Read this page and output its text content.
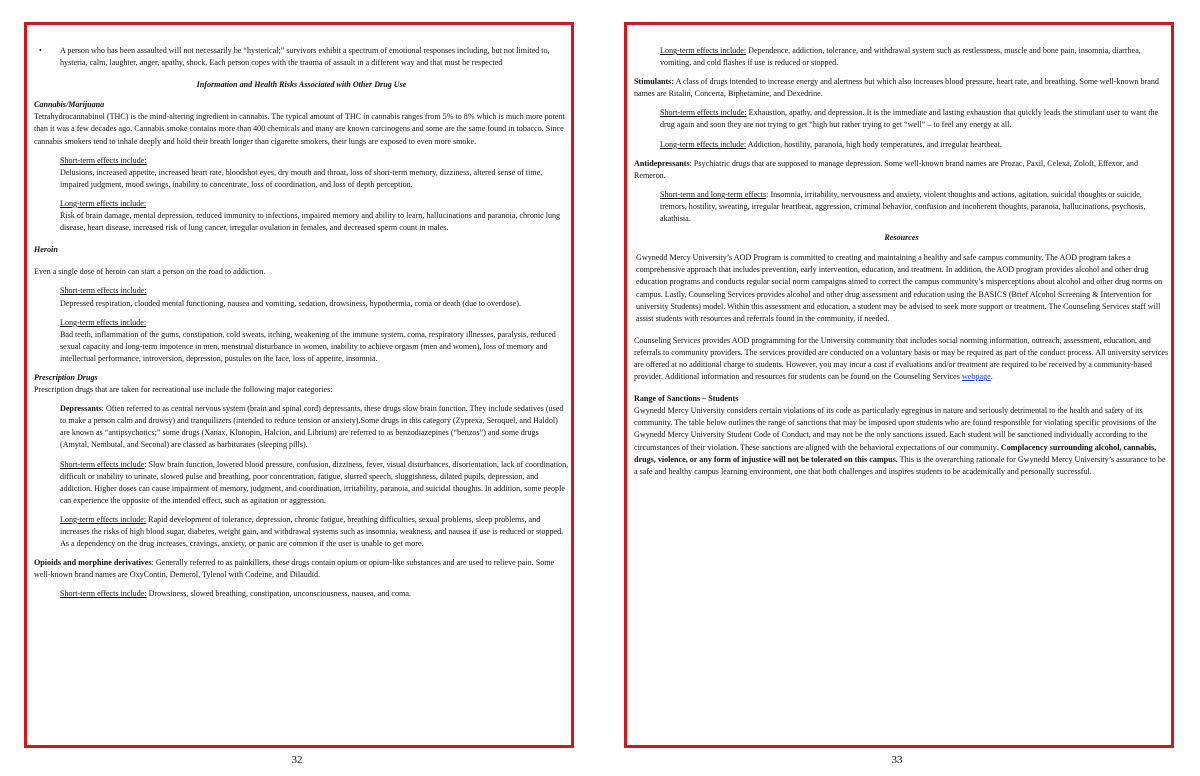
• A person who has been assaulted will not necessarily be “hysterical;” survivors exhibit a spectrum of emotional responses including, but not limited to, hysteria, calm, laughter, anger, apathy, shock. Each person copes with the trauma of assault in a different way and that must be respected
Information and Health Risks Associated with Other Drug Use
Cannabis/Marijuana

Tetrahydrocannabinol (THC) is the mind-altering ingredient in cannabis. The typical amount of THC in cannabis ranges from 5% to 8% which is much more potent than it was a few decades ago. Cannabis smoke contains more than 400 chemicals and many are known carcinogens and some are the same found in tobacco. Since cannabis smokers tend to inhale deeply and hold their breath longer than cigarette smokers, their lungs are exposed to even more smoke.

Short-term effects include:
Delusions, increased appetite, increased heart rate, bloodshot eyes, dry mouth and throat, loss of short-term memory, dizziness, altered sense of time, impaired judgment, mood swings, inability to concentrate, loss of coordination, and loss of depth perception.
Long-term effects include:
Risk of brain damage, mental depression, reduced immunity to infections, impaired memory and ability to learn, hallucinations and paranoia, chronic lung disease, heart disease, increased risk of lung cancer, irregular ovulation in females, and decreased sperm count in males.
Heroin

Even a single dose of heroin can start a person on the road to addiction.

Short-term effects include:
Depressed respiration, clouded mental functioning, nausea and vomiting, sedation, drowsiness, hypothermia, coma or death (due to overdose).
Long-term effects include:
Bad teeth, inflammation of the gums, constipation, cold sweats, itching, weakening of the immune system, coma, respiratory illnesses, paralysis, reduced sexual capacity and long-term impotence in men, menstrual disturbance in women, inability to achieve orgasm (men and women), loss of memory and intellectual performance, introversion, depression, pustules on the face, loss of appetite, insomnia.
Prescription Drugs

Prescription drugs that are taken for recreational use include the following major categories:

Depressants: Often referred to as central nervous system (brain and spinal cord) depressants, these drugs slow brain function. They include sedatives (used to make a person calm and drowsy) and tranquilizers (intended to reduce tension or anxiety).Some drugs in this category (Zyprexa, Seroquel, and Haldol) are known as “antipsychotics;” some drugs (Xanax, Klonopin, Halcion, and Librium) are referred to as benzodiazepines (“benzos”) and some drugs (Amytal, Nembutal, and Seconal) are classed as barbiturates (sleeping pills).
Short-term effects include: Slow brain function, lowered blood pressure, confusion, dizziness, fever, visual disturbances, disorientation, lack of coordination, difficult or inability to urinate, slowed pulse and breathing, poor concentration, fatigue, slurred speech, sluggishness, dilated pupils, depression, and addiction. Higher doses can cause impairment of memory, judgment, and coordination, irritability, paranoia, and suicidal thoughts. In addition, some people can experience the opposite of the intended effect, such as agitation or aggression.
Long-term effects include: Rapid development of tolerance, depression, chronic fatigue, breathing difficulties, sexual problems, sleep problems, and increases the risks of high blood sugar, diabetes, weight gain, and withdrawal systems such as insomnia, weakness, and nausea if use is reduced or stopped. As a dependency on the drug increases, cravings, anxiety, or panic are common if the user is unable to get more.

Opioids and morphine derivatives: Generally referred to as painkillers, these drugs contain opium or opium-like substances and are used to relieve pain. Some well-known brand names are OxyContin, Demerol, Tylenol with Codeine, and Dilaudid.

Short-term effects include: Drowsiness, slowed breathing, constipation, unconsciousness, nausea, and coma.
32
Long-term effects include: Dependence, addiction, tolerance, and withdrawal system such as restlessness, muscle and bone pain, insomnia, diarrhea, vomiting, and cold flashes if use is reduced or stopped.

Stimulants: A class of drugs intended to increase energy and alertness but which also increases blood pressure, heart rate, and breathing. Some well-known brand names are Ritalin, Concerta, Biphetamine, and Dexedrine.

Short-term effects include: Exhaustion, apathy, and depression. It is the immediate and lasting exhaustion that quickly leads the stimulant user to want the drug again and soon they are not trying to get “high but rather trying to get “well” – to feel any energy at all.
Long-term effects include: Addiction, hostility, paranoia, high body temperatures, and irregular heartbeat.

Antidepressants: Psychiatric drugs that are supposed to manage depression. Some well-known brand names are Prozac, Paxil, Celexa, Zoloft, Effexor, and Remeron.

Short-term and long-term effects: Insomnia, irritability, nervousness and anxiety, violent thoughts and actions, agitation, suicidal thoughts or suicide, tremors, hostility, sweating, irregular heartbeat, aggression, criminal behavior, confusion and incoherent thoughts, paranoia, hallucinations, psychosis, akathisia.
Resources

Gwynedd Mercy University’s AOD Program is committed to creating and maintaining a healthy and safe campus community. The AOD program takes a comprehensive approach that includes prevention, early intervention, education, and treatment. In addition, the AOD program provides alcohol and other drug education programs and conducts regular social norm campaigns aimed to correct the campus community’s misperceptions about alcohol and other drug norms on campus. Lastly, Counseling Services provides alcohol and other drug assessment and education using the BASICS (Brief Alcohol Screening & Intervention for university Students) model. Within this assessment and education, a student may be advised to seek more support or treatment. The Counseling Services staff will assist students with resources and referrals found in the community, if needed.

Counseling Services provides AOD programming for the University community that includes social norming information, outreach, assessment, education, and referrals to community providers. The services provided are conducted on a voluntary basis or may be required as part of the conduct process. All university services are offered at no additional charge to students. However, you may incur a cost if evaluations and/or treatment are required to be received by a community-based provider. Additional information and resources for students can be found on the Counseling Services webpage.

Range of Sanctions – Students

Gwynedd Mercy University considers certain violations of its code as particularly egregious in nature and seriously detrimental to the health and safety of its community. The table below outlines the range of sanctions that may be imposed upon students who are found responsible for violating specific provisions of the Gwynedd Mercy University Student Code of Conduct, and may not be the only sanctions issued. Each student will be sanctioned individually according to the circumstances of their violation. These sanctions are aligned with the behavioral expectations of our community. Complacency surrounding alcohol, cannabis, drugs, violence, or any form of injustice will not be tolerated on this campus. This is the overarching rationale for Gwynedd Mercy University’s assurance to be a safe and healthy campus learning environment, one that both challenges and inspires students to be academically and personally successful.

33
